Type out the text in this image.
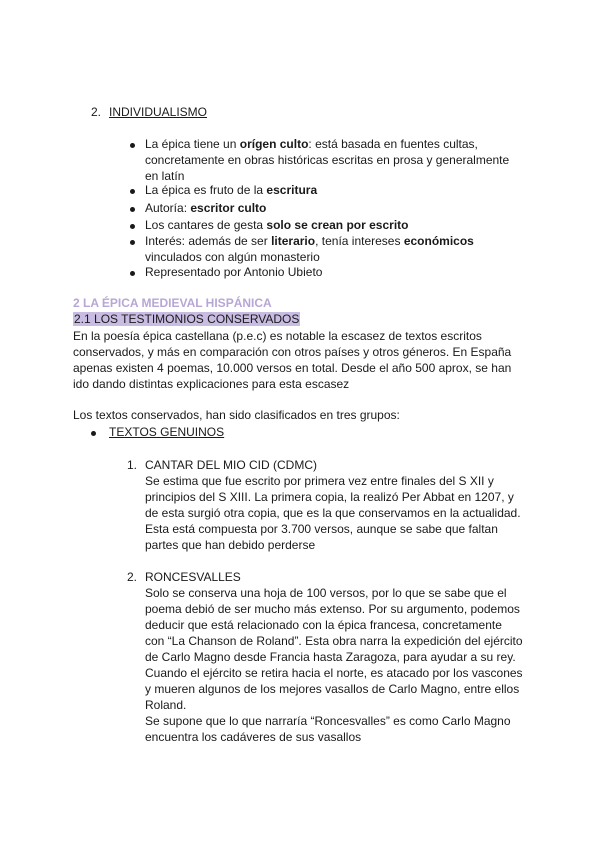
2. INDIVIDUALISMO
La épica tiene un orígen culto: está basada en fuentes cultas,
concretamente en obras históricas escritas en prosa y generalmente
en latín
La épica es fruto de la escritura
Autoría: escritor culto
Los cantares de gesta solo se crean por escrito
Interés: además de ser literario, tenía intereses económicos
vinculados con algún monasterio
Representado por Antonio Ubieto
2 LA ÉPICA MEDIEVAL HISPÁNICA
2.1 LOS TESTIMONIOS CONSERVADOS
En la poesía épica castellana (p.e.c) es notable la escasez de textos escritos
conservados, y más en comparación con otros países y otros géneros. En España
apenas existen 4 poemas, 10.000 versos en total. Desde el año 500 aprox, se han
ido dando distintas explicaciones para esta escasez
Los textos conservados, han sido clasificados en tres grupos:
TEXTOS GENUINOS
1. CANTAR DEL MIO CID (CDMC)
Se estima que fue escrito por primera vez entre finales del S XII y
principios del S XIII. La primera copia, la realizó Per Abbat en 1207, y
de esta surgió otra copia, que es la que conservamos en la actualidad.
Esta está compuesta por 3.700 versos, aunque se sabe que faltan
partes que han debido perderse
2. RONCESVALLES
Solo se conserva una hoja de 100 versos, por lo que se sabe que el
poema debió de ser mucho más extenso. Por su argumento, podemos
deducir que está relacionado con la épica francesa, concretamente
con “La Chanson de Roland”. Esta obra narra la expedición del ejército
de Carlo Magno desde Francia hasta Zaragoza, para ayudar a su rey.
Cuando el ejército se retira hacia el norte, es atacado por los vascones
y mueren algunos de los mejores vasallos de Carlo Magno, entre ellos
Roland.
Se supone que lo que narraría “Roncesvalles” es como Carlo Magno
encuentra los cadáveres de sus vasallos
